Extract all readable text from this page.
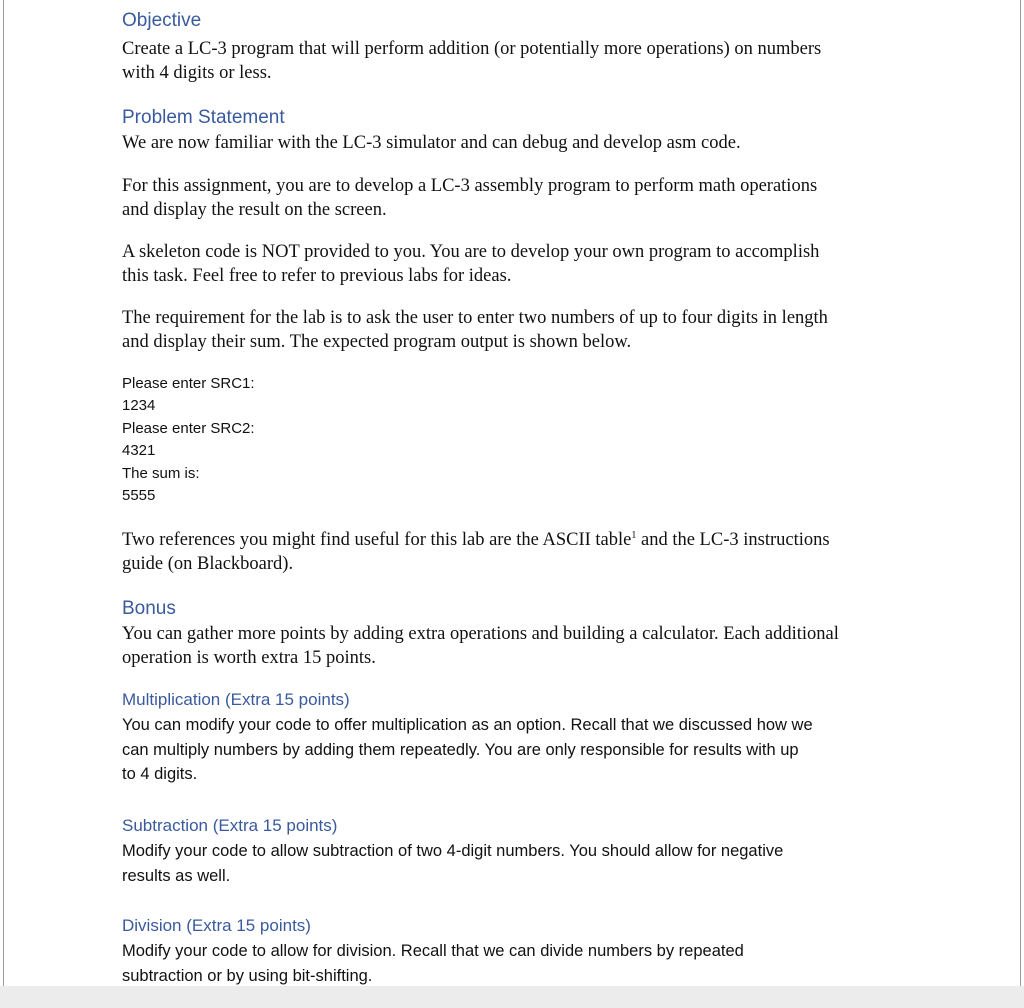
Objective
Create a LC-3 program that will perform addition (or potentially more operations) on numbers
with 4 digits or less.
Problem Statement
We are now familiar with the LC-3 simulator and can debug and develop asm code.
For this assignment, you are to develop a LC-3 assembly program to perform math operations
and display the result on the screen.
A skeleton code is NOT provided to you. You are to develop your own program to accomplish
this task. Feel free to refer to previous labs for ideas.
The requirement for the lab is to ask the user to enter two numbers of up to four digits in length
and display their sum. The expected program output is shown below.
Please enter SRC1:
1234
Please enter SRC2:
4321
The sum is:
5555
Two references you might find useful for this lab are the ASCII table$^1$ and the LC-3 instructions
guide (on Blackboard).
Bonus
You can gather more points by adding extra operations and building a calculator. Each additional
operation is worth extra 15 points.
Multiplication (Extra 15 points)
You can modify your code to offer multiplication as an option. Recall that we discussed how we
can multiply numbers by adding them repeatedly. You are only responsible for results with up
to 4 digits.
Subtraction (Extra 15 points)
Modify your code to allow subtraction of two 4-digit numbers. You should allow for negative
results as well.
Division (Extra 15 points)
Modify your code to allow for division. Recall that we can divide numbers by repeated
subtraction or by using bit-shifting.
